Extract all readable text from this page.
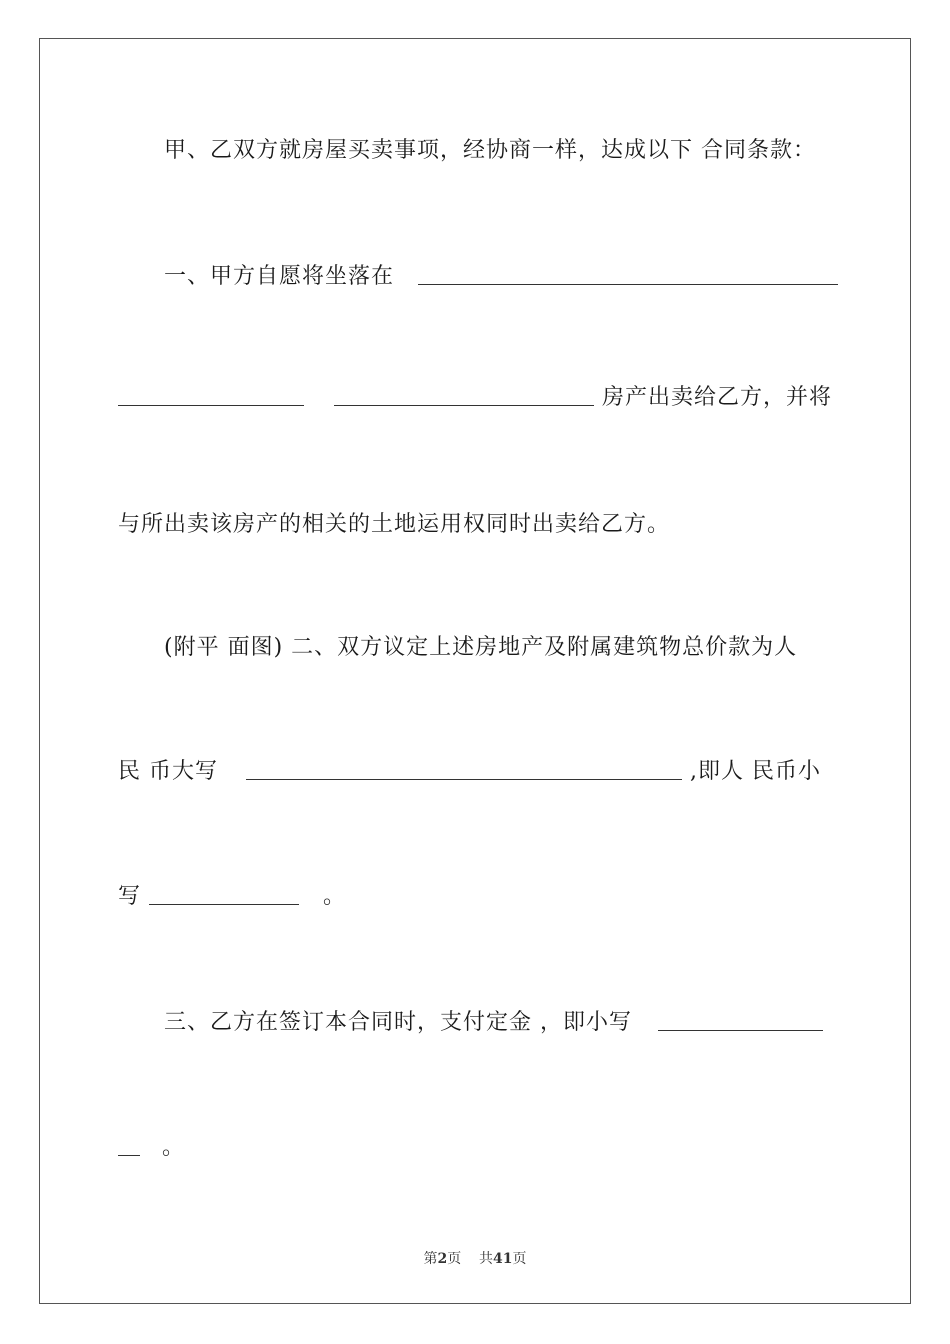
甲、乙双方就房屋买卖事项，经协商一样，达成以下 合同条款：
一、甲方自愿将坐落在
房产出卖给乙方，并将
与所出卖该房产的相关的土地运用权同时出卖给乙方。
(附平 面图) 二、双方议定上述房地产及附属建筑物总价款为人
民 币大写	,即人 民币小
写	。
三、乙方在签订本合同时，支付定金 ，即小写
。
第2页 共41页
